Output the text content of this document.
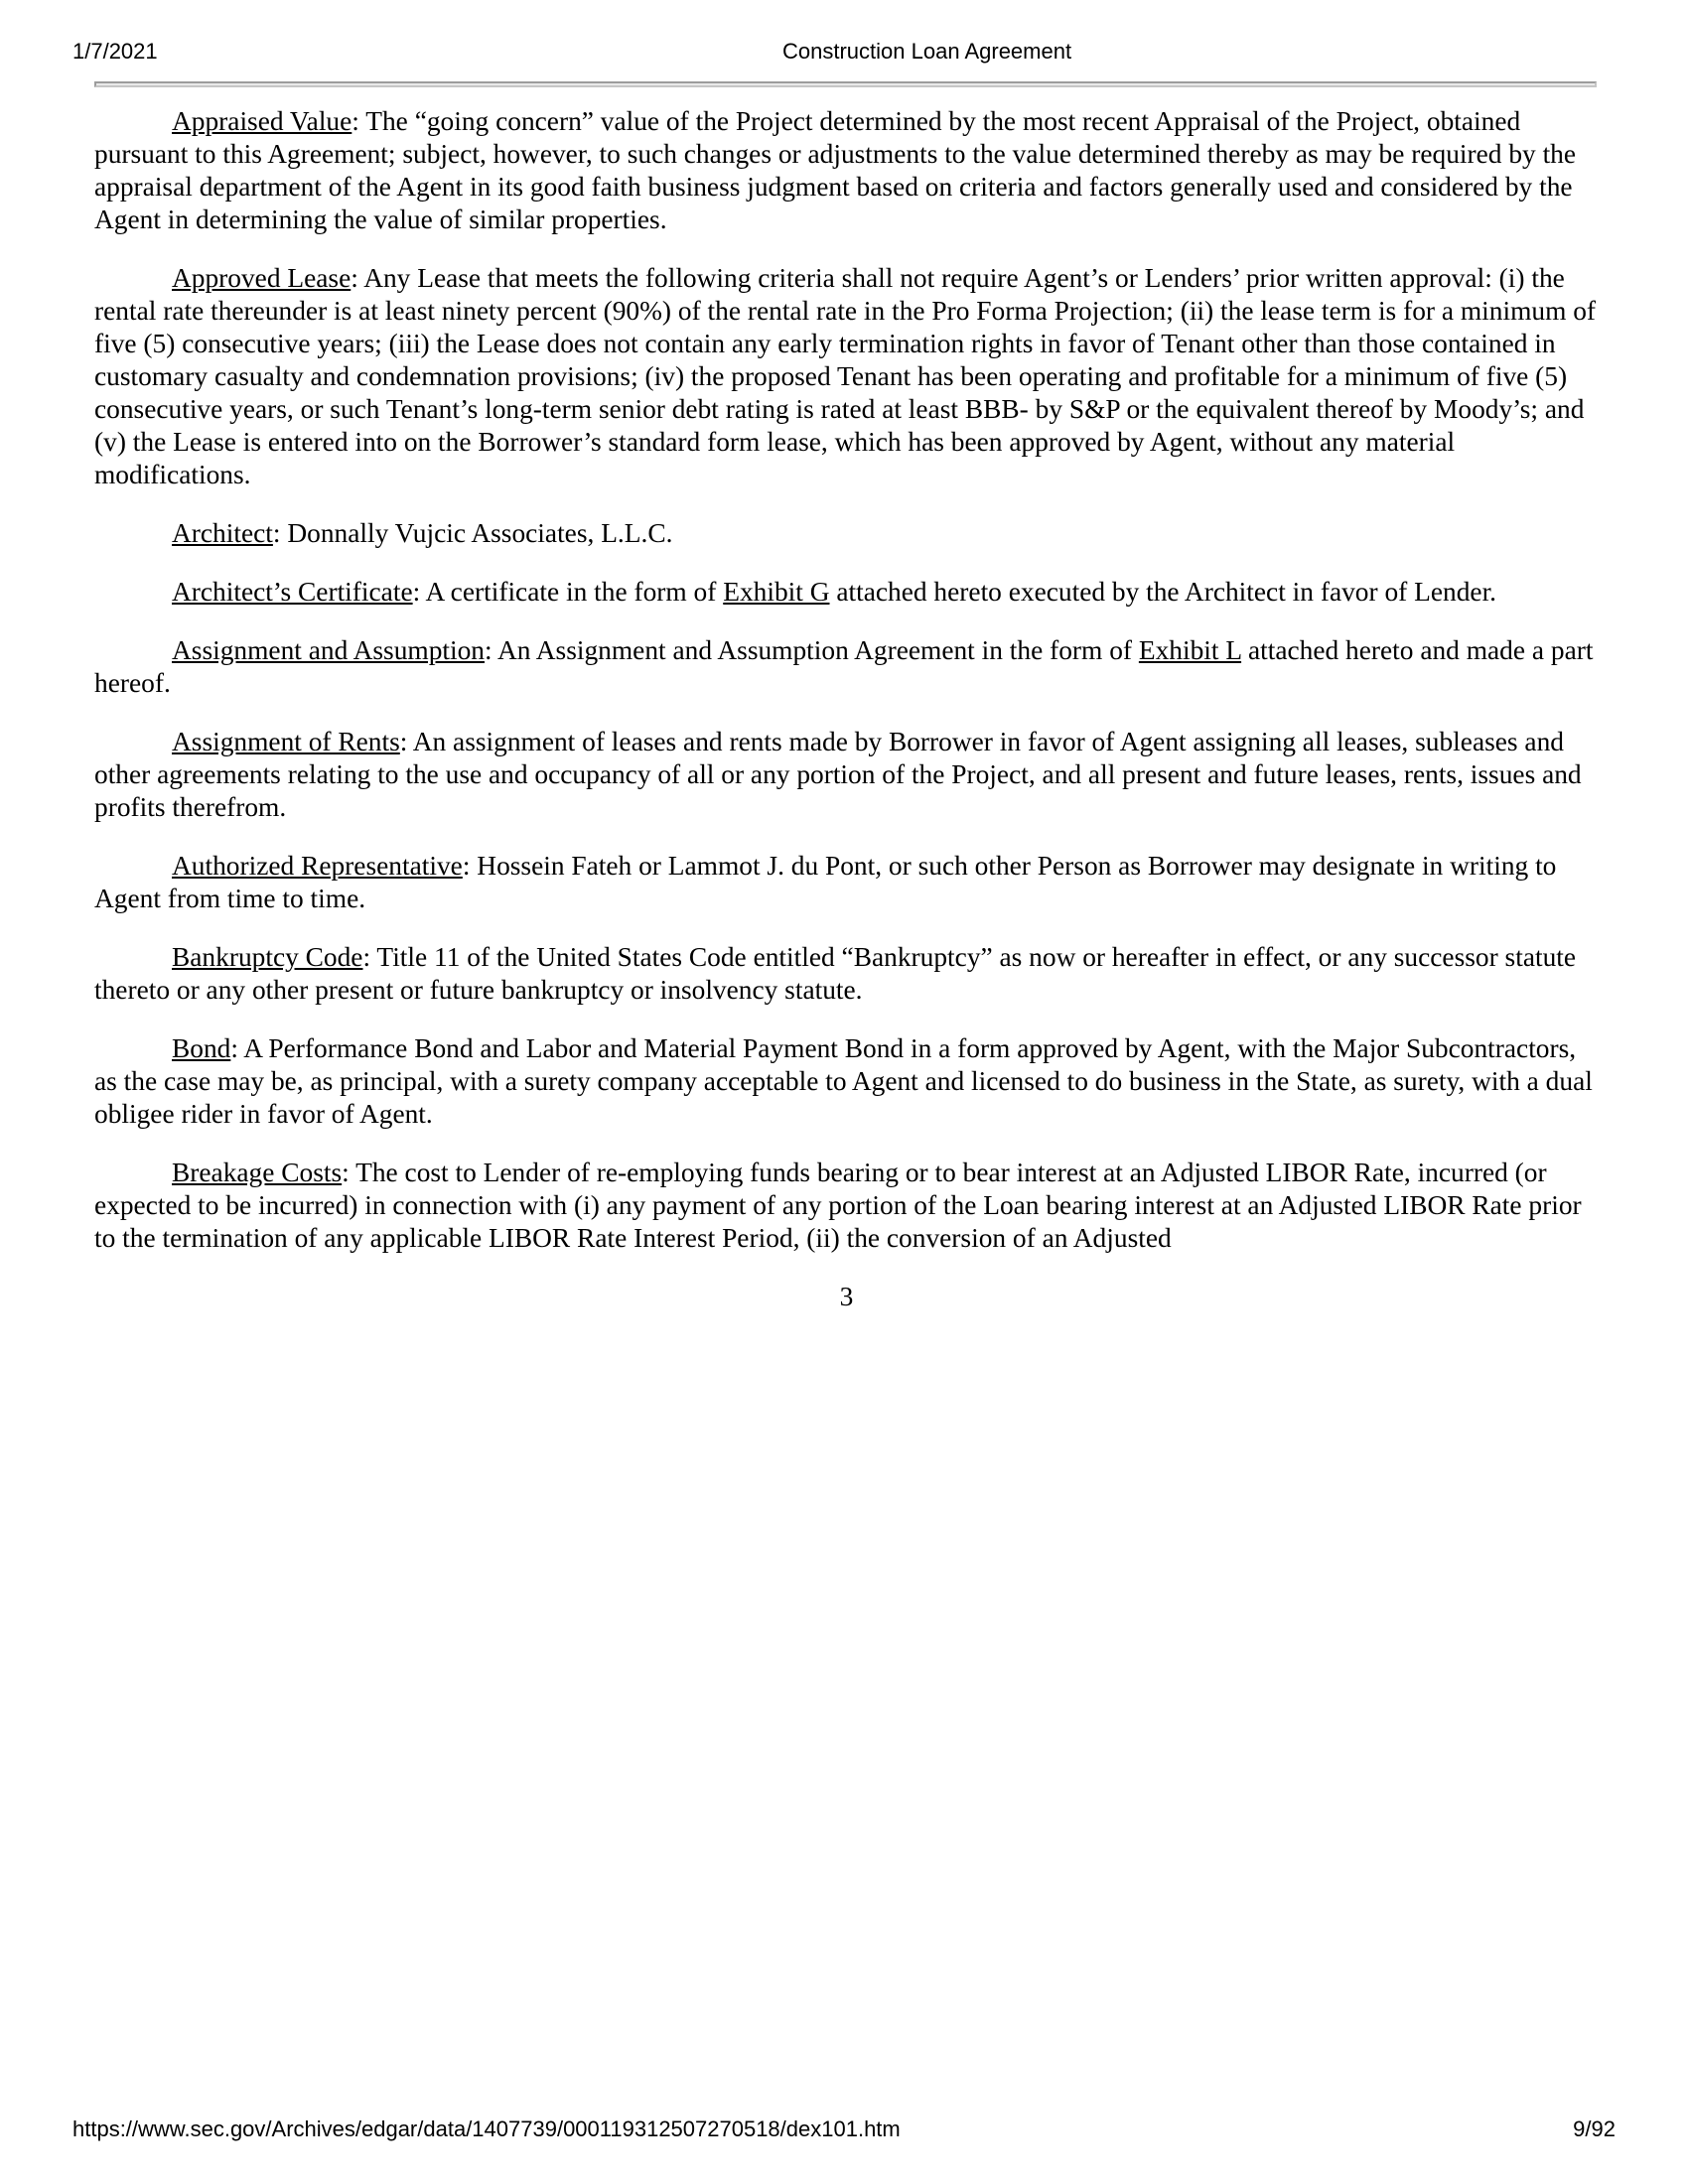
1/7/2021	Construction Loan Agreement

Appraised Value: The “going concern” value of the Project determined by the most recent Appraisal of the Project, obtained pursuant to this Agreement; subject, however, to such changes or adjustments to the value determined thereby as may be required by the appraisal department of the Agent in its good faith business judgment based on criteria and factors generally used and considered by the Agent in determining the value of similar properties.

Approved Lease: Any Lease that meets the following criteria shall not require Agent’s or Lenders’ prior written approval: (i) the rental rate thereunder is at least ninety percent (90%) of the rental rate in the Pro Forma Projection; (ii) the lease term is for a minimum of five (5) consecutive years; (iii) the Lease does not contain any early termination rights in favor of Tenant other than those contained in customary casualty and condemnation provisions; (iv) the proposed Tenant has been operating and profitable for a minimum of five (5) consecutive years, or such Tenant’s long-term senior debt rating is rated at least BBB- by S&P or the equivalent thereof by Moody’s; and (v) the Lease is entered into on the Borrower’s standard form lease, which has been approved by Agent, without any material modifications.

Architect: Donnally Vujcic Associates, L.L.C.

Architect’s Certificate: A certificate in the form of Exhibit G attached hereto executed by the Architect in favor of Lender.

Assignment and Assumption: An Assignment and Assumption Agreement in the form of Exhibit L attached hereto and made a part hereof.

Assignment of Rents: An assignment of leases and rents made by Borrower in favor of Agent assigning all leases, subleases and other agreements relating to the use and occupancy of all or any portion of the Project, and all present and future leases, rents, issues and profits therefrom.

Authorized Representative: Hossein Fateh or Lammot J. du Pont, or such other Person as Borrower may designate in writing to Agent from time to time.

Bankruptcy Code: Title 11 of the United States Code entitled “Bankruptcy” as now or hereafter in effect, or any successor statute thereto or any other present or future bankruptcy or insolvency statute.

Bond: A Performance Bond and Labor and Material Payment Bond in a form approved by Agent, with the Major Subcontractors, as the case may be, as principal, with a surety company acceptable to Agent and licensed to do business in the State, as surety, with a dual obligee rider in favor of Agent.

Breakage Costs: The cost to Lender of re-employing funds bearing or to bear interest at an Adjusted LIBOR Rate, incurred (or expected to be incurred) in connection with (i) any payment of any portion of the Loan bearing interest at an Adjusted LIBOR Rate prior to the termination of any applicable LIBOR Rate Interest Period, (ii) the conversion of an Adjusted

3

https://www.sec.gov/Archives/edgar/data/1407739/000119312507270518/dex101.htm	9/92
